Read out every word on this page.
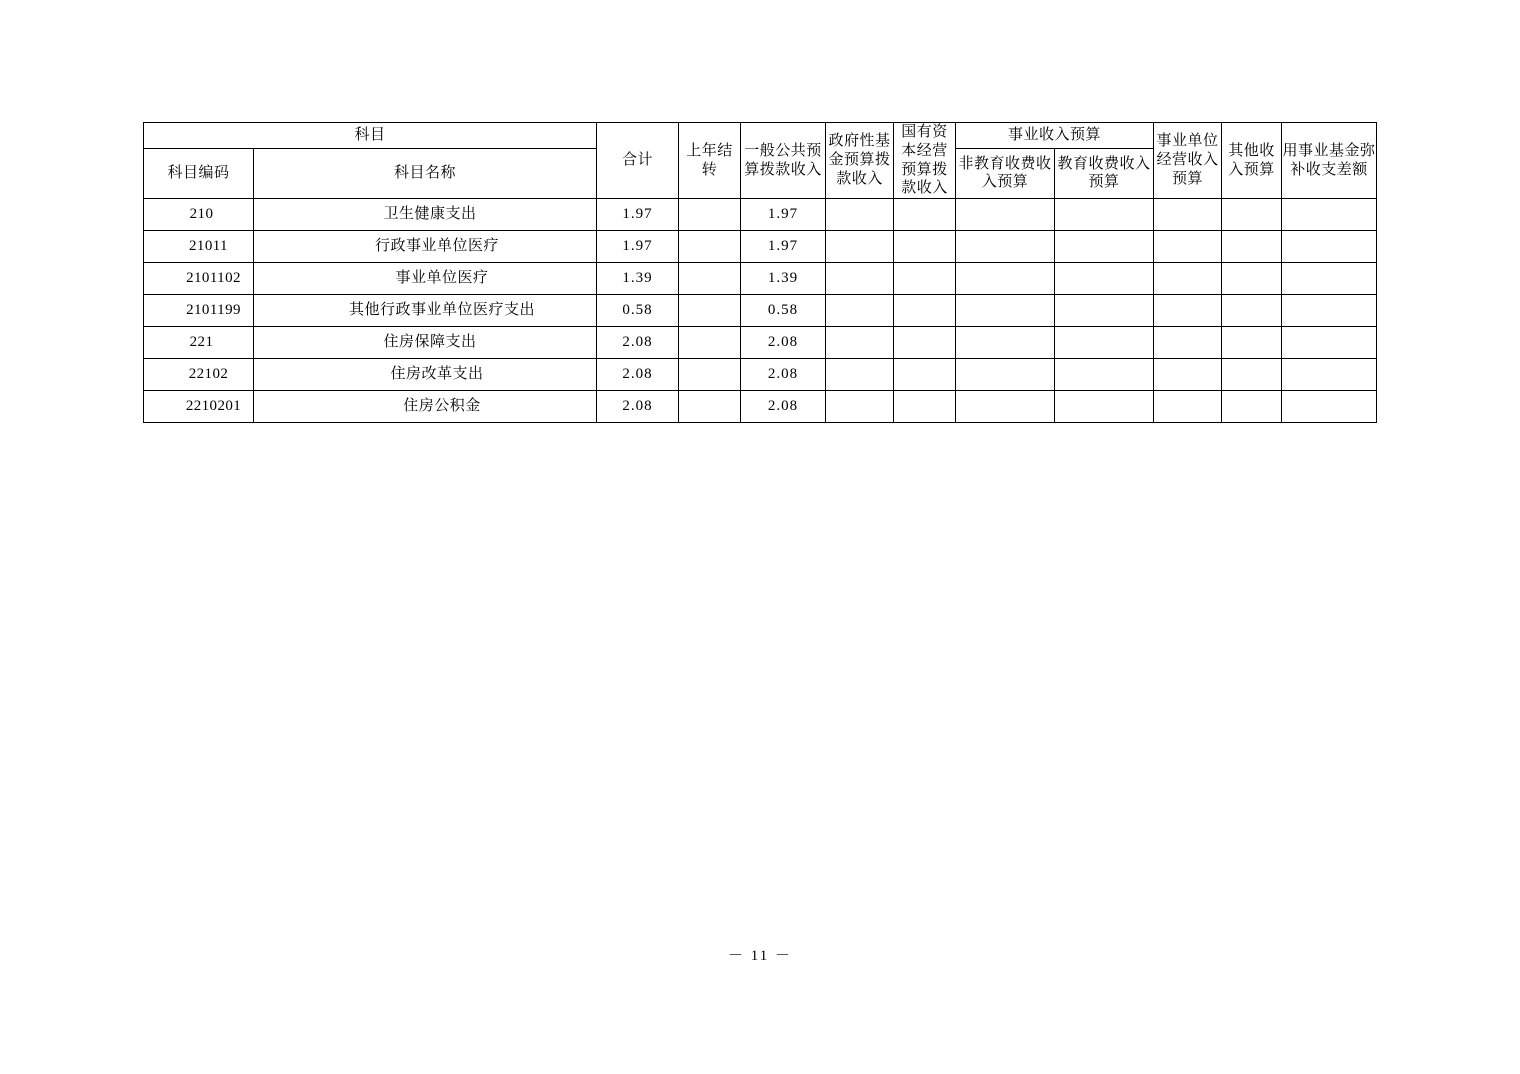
科目		合计	上年结转	一般公共预算拨款收入	政府性基金预算拨款收入	国有资本经营预算拨款收入	事业收入预算		事业单位经营收入预算	其他收入预算	用事业基金弥补收支差额
科目编码	科目名称						非教育收费收入预算	教育收费收入预算			
210	卫生健康支出	1.97		1.97							
21011	行政事业单位医疗	1.97		1.97							
2101102	事业单位医疗	1.39		1.39							
2101199	其他行政事业单位医疗支出	0.58		0.58							
221	住房保障支出	2.08		2.08							
22102	住房改革支出	2.08		2.08							
2210201	住房公积金	2.08		2.08							
－ 11 －
